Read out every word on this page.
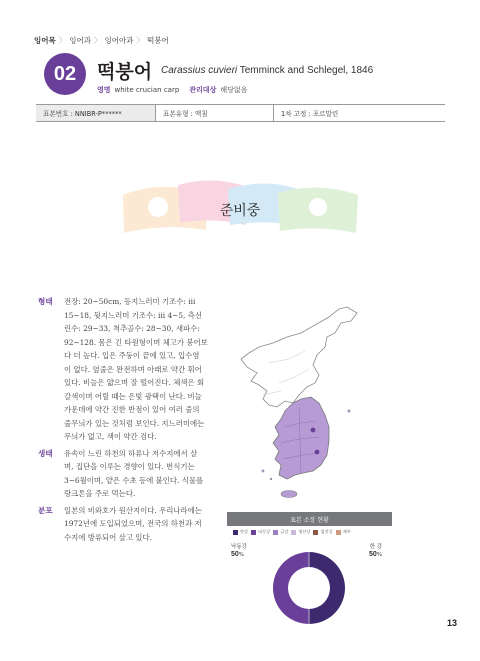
잉어목 〉 잉어과 〉 잉어아과 〉 떡붕어
02	떡붕어 Carassius cuvieri Temminck and Schlegel, 1846
영명 white crucian carp 관리대상 해당없음
표본번호 : NNIBR-P******	표본유형 : 액침	1차 고정 : 포르말린
준비중
형태	전장: 20~50cm, 등지느러미 기조수: iii
15~18, 뒷지느러미 기조수: iii 4~5, 측선
린수: 29~33, 척추골수: 28~30, 새파수:
92~128. 몸은 긴 타원형이며 체고가 붕어보
다 더 높다. 입은 주둥이 끝에 있고, 입수염
이 없다. 옆줄은 완전하며 아래로 약간 휘어
있다. 비늘은 얇으며 잘 떨어진다. 체색은 회
갈색이며 어릴 때는 은빛 광택이 난다. 비늘
가운데에 약간 진한 반점이 있어 여러 줄의
줄무늬가 있는 것처럼 보인다. 지느러미에는
무늬가 없고, 색이 약간 검다.
생태	유속이 느린 하천의 하류나 저수지에서 살
며, 집단을 이루는 경향이 있다. 번식기는
3~6월이며, 얕은 수초 등에 붙인다. 식물플
랑크톤을 주로 먹는다.
분포	일본의 비와호가 원산지이다. 우리나라에는
1972년에 도입되었으며, 전국의 하천과 저
수지에 방류되어 살고 있다.
표본 소장 현황
한강 낙동강 금강 영산강 섬진강 제주
낙동강
50%
한 강
50%
13
